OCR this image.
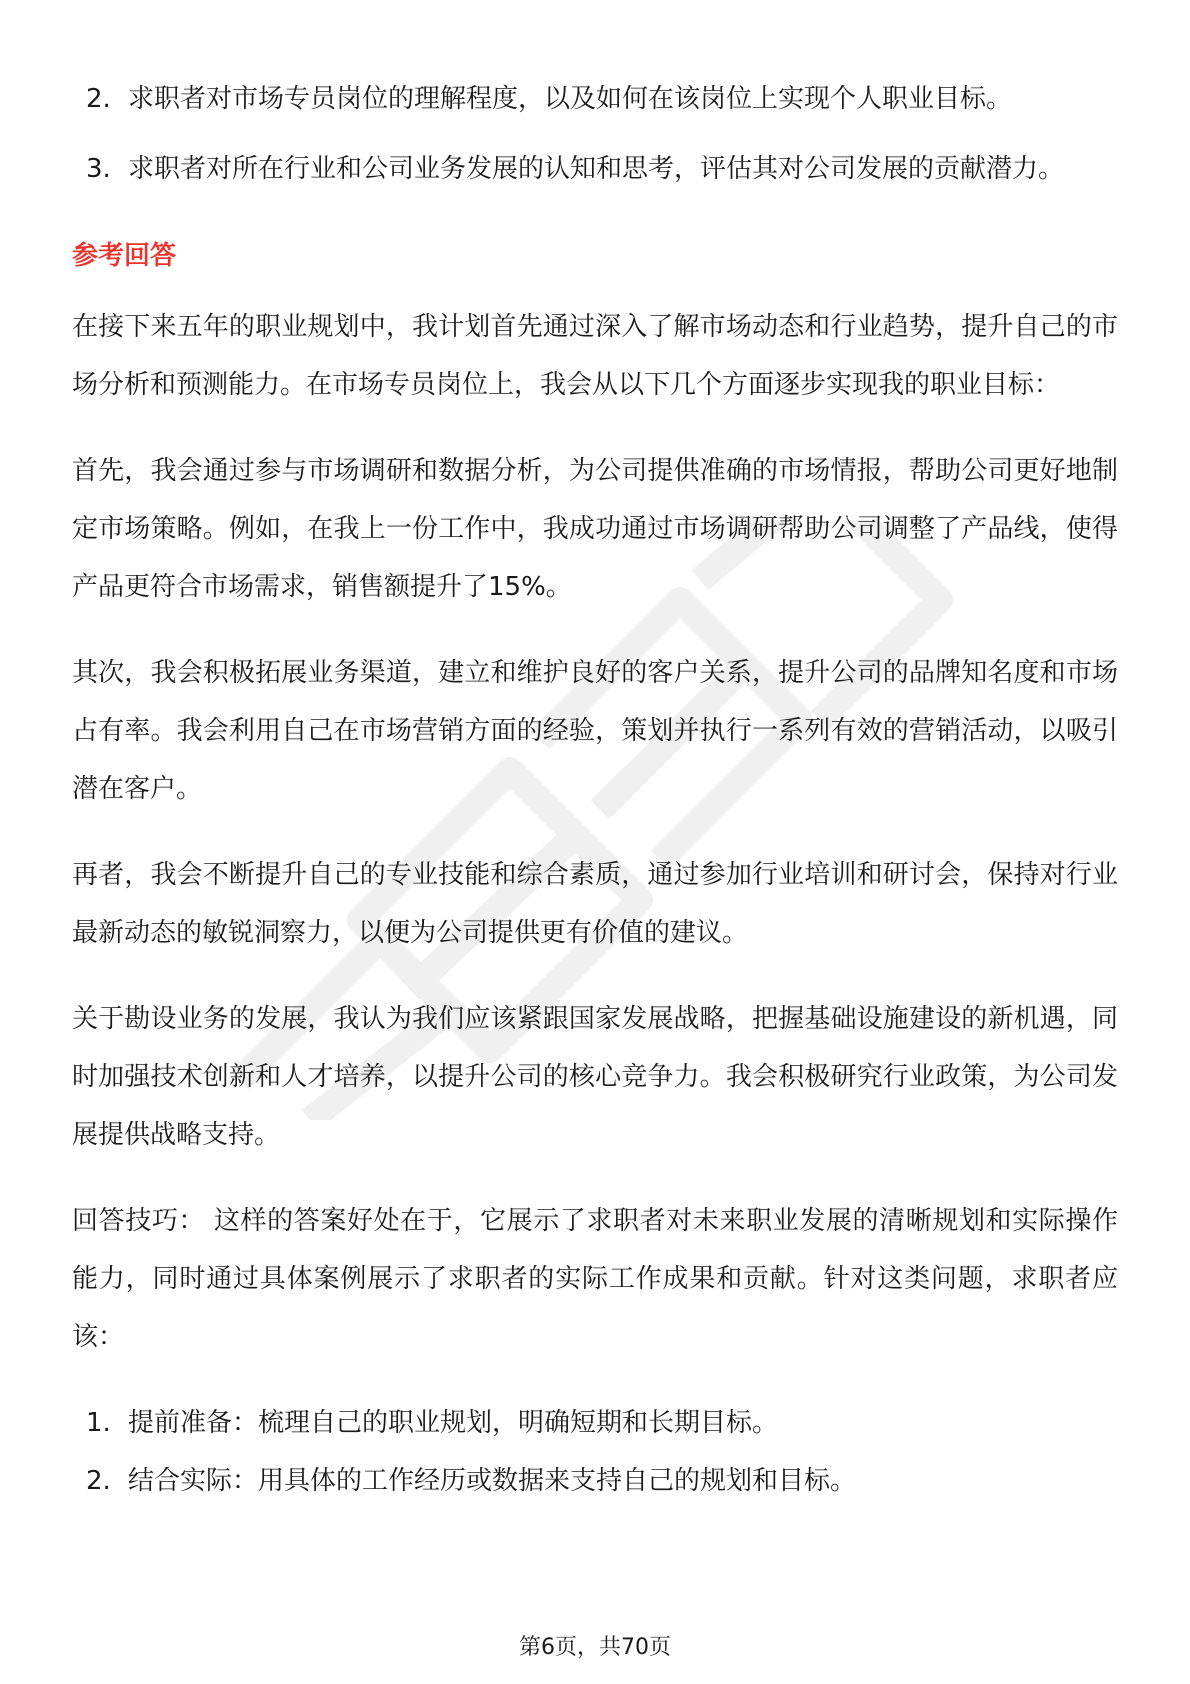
2. 求职者对市场专员岗位的理解程度，以及如何在该岗位上实现个人职业目标。
3. 求职者对所在行业和公司业务发展的认知和思考，评估其对公司发展的贡献潜力。
参考回答

在接下来五年的职业规划中，我计划首先通过深入了解市场动态和行业趋势，提升自己的市场分析和预测能力。在市场专员岗位上，我会从以下几个方面逐步实现我的职业目标：

首先，我会通过参与市场调研和数据分析，为公司提供准确的市场情报，帮助公司更好地制定市场策略。例如，在我上一份工作中，我成功通过市场调研帮助公司调整了产品线，使得产品更符合市场需求，销售额提升了15%。

其次，我会积极拓展业务渠道，建立和维护良好的客户关系，提升公司的品牌知名度和市场占有率。我会利用自己在市场营销方面的经验，策划并执行一系列有效的营销活动，以吸引潜在客户。

再者，我会不断提升自己的专业技能和综合素质，通过参加行业培训和研讨会，保持对行业最新动态的敏锐洞察力，以便为公司提供更有价值的建议。

关于勘设业务的发展，我认为我们应该紧跟国家发展战略，把握基础设施建设的新机遇，同时加强技术创新和人才培养，以提升公司的核心竞争力。我会积极研究行业政策，为公司发展提供战略支持。

回答技巧： 这样的答案好处在于，它展示了求职者对未来职业发展的清晰规划和实际操作能力，同时通过具体案例展示了求职者的实际工作成果和贡献。针对这类问题，求职者应该：

1. 提前准备：梳理自己的职业规划，明确短期和长期目标。
2. 结合实际：用具体的工作经历或数据来支持自己的规划和目标。
第6页，共70页
